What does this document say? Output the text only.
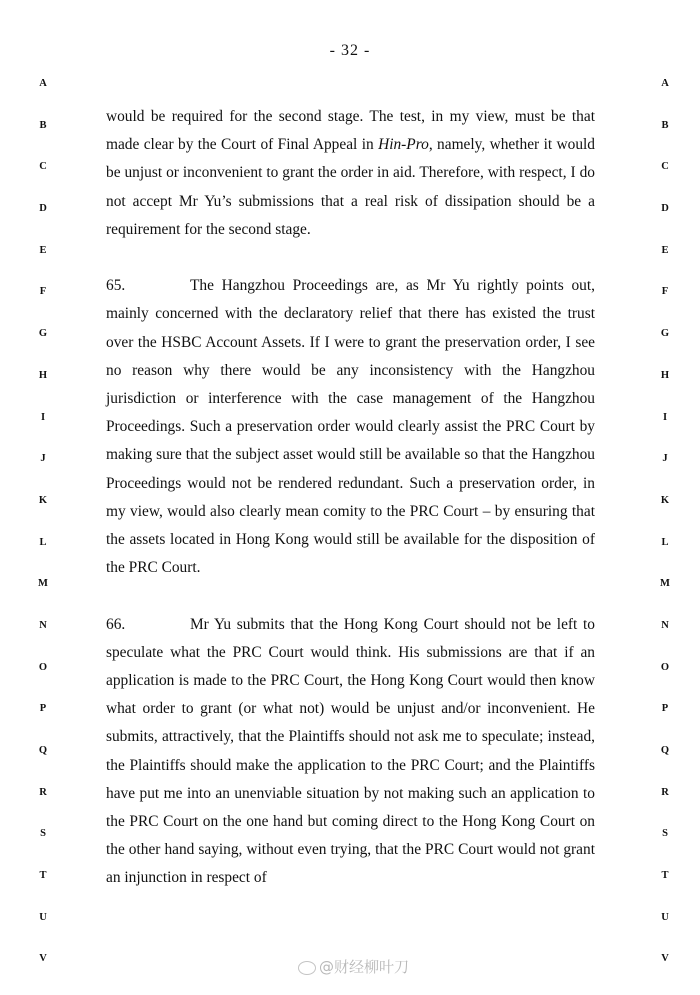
- 32 -
A
B
C
D
E
F
G
H
I
J
K
L
M
N
O
P
Q
R
S
T
U
V
A
B
C
D
E
F
G
H
I
J
K
L
M
N
O
P
Q
R
S
T
U
V

would be required for the second stage. The test, in my view, must be that made clear by the Court of Final Appeal in Hin-Pro, namely, whether it would be unjust or inconvenient to grant the order in aid. Therefore, with respect, I do not accept Mr Yu’s submissions that a real risk of dissipation should be a requirement for the second stage.

65.	The Hangzhou Proceedings are, as Mr Yu rightly points out, mainly concerned with the declaratory relief that there has existed the trust over the HSBC Account Assets. If I were to grant the preservation order, I see no reason why there would be any inconsistency with the Hangzhou jurisdiction or interference with the case management of the Hangzhou Proceedings. Such a preservation order would clearly assist the PRC Court by making sure that the subject asset would still be available so that the Hangzhou Proceedings would not be rendered redundant. Such a preservation order, in my view, would also clearly mean comity to the PRC Court – by ensuring that the assets located in Hong Kong would still be available for the disposition of the PRC Court.

66.	Mr Yu submits that the Hong Kong Court should not be left to speculate what the PRC Court would think. His submissions are that if an application is made to the PRC Court, the Hong Kong Court would then know what order to grant (or what not) would be unjust and/or inconvenient. He submits, attractively, that the Plaintiffs should not ask me to speculate; instead, the Plaintiffs should make the application to the PRC Court; and the Plaintiffs have put me into an unenviable situation by not making such an application to the PRC Court on the one hand but coming direct to the Hong Kong Court on the other hand saying, without even trying, that the PRC Court would not grant an injunction in respect of

@财经柳叶刀
